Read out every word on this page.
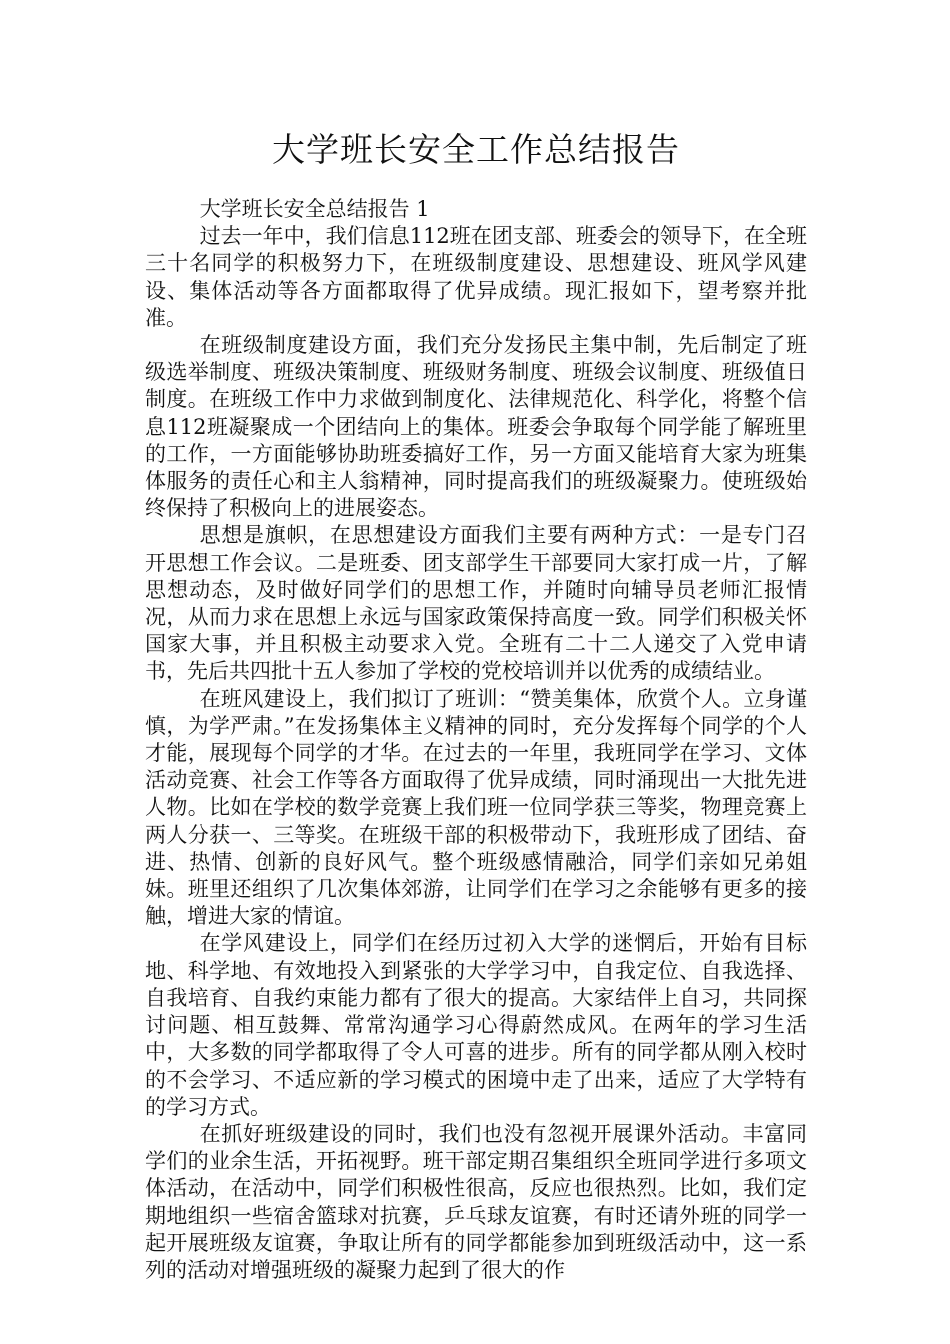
大学班长安全工作总结报告

大学班长安全总结报告 1

过去一年中，我们信息112班在团支部、班委会的领导下，在全班三十名同学的积极努力下，在班级制度建设、思想建设、班风学风建设、集体活动等各方面都取得了优异成绩。现汇报如下，望考察并批准。

在班级制度建设方面，我们充分发扬民主集中制，先后制定了班级选举制度、班级决策制度、班级财务制度、班级会议制度、班级值日制度。在班级工作中力求做到制度化、法律规范化、科学化，将整个信息112班凝聚成一个团结向上的集体。班委会争取每个同学能了解班里的工作，一方面能够协助班委搞好工作，另一方面又能培育大家为班集体服务的责任心和主人翁精神，同时提高我们的班级凝聚力。使班级始终保持了积极向上的进展姿态。

思想是旗帜，在思想建设方面我们主要有两种方式：一是专门召开思想工作会议。二是班委、团支部学生干部要同大家打成一片，了解思想动态，及时做好同学们的思想工作，并随时向辅导员老师汇报情况，从而力求在思想上永远与国家政策保持高度一致。同学们积极关怀国家大事，并且积极主动要求入党。全班有二十二人递交了入党申请书，先后共四批十五人参加了学校的党校培训并以优秀的成绩结业。

在班风建设上，我们拟订了班训：“赞美集体，欣赏个人。立身谨慎，为学严肃。”在发扬集体主义精神的同时，充分发挥每个同学的个人才能，展现每个同学的才华。在过去的一年里，我班同学在学习、文体活动竞赛、社会工作等各方面取得了优异成绩，同时涌现出一大批先进人物。比如在学校的数学竞赛上我们班一位同学获三等奖，物理竞赛上两人分获一、三等奖。在班级干部的积极带动下，我班形成了团结、奋进、热情、创新的良好风气。整个班级感情融洽，同学们亲如兄弟姐妹。班里还组织了几次集体郊游，让同学们在学习之余能够有更多的接触，增进大家的情谊。

在学风建设上，同学们在经历过初入大学的迷惘后，开始有目标地、科学地、有效地投入到紧张的大学学习中，自我定位、自我选择、自我培育、自我约束能力都有了很大的提高。大家结伴上自习，共同探讨问题、相互鼓舞、常常沟通学习心得蔚然成风。在两年的学习生活中，大多数的同学都取得了令人可喜的进步。所有的同学都从刚入校时的不会学习、不适应新的学习模式的困境中走了出来，适应了大学特有的学习方式。

在抓好班级建设的同时，我们也没有忽视开展课外活动。丰富同学们的业余生活，开拓视野。班干部定期召集组织全班同学进行多项文体活动，在活动中，同学们积极性很高，反应也很热烈。比如，我们定期地组织一些宿舍篮球对抗赛，乒乓球友谊赛，有时还请外班的同学一起开展班级友谊赛，争取让所有的同学都能参加到班级活动中，这一系列的活动对增强班级的凝聚力起到了很大的作
